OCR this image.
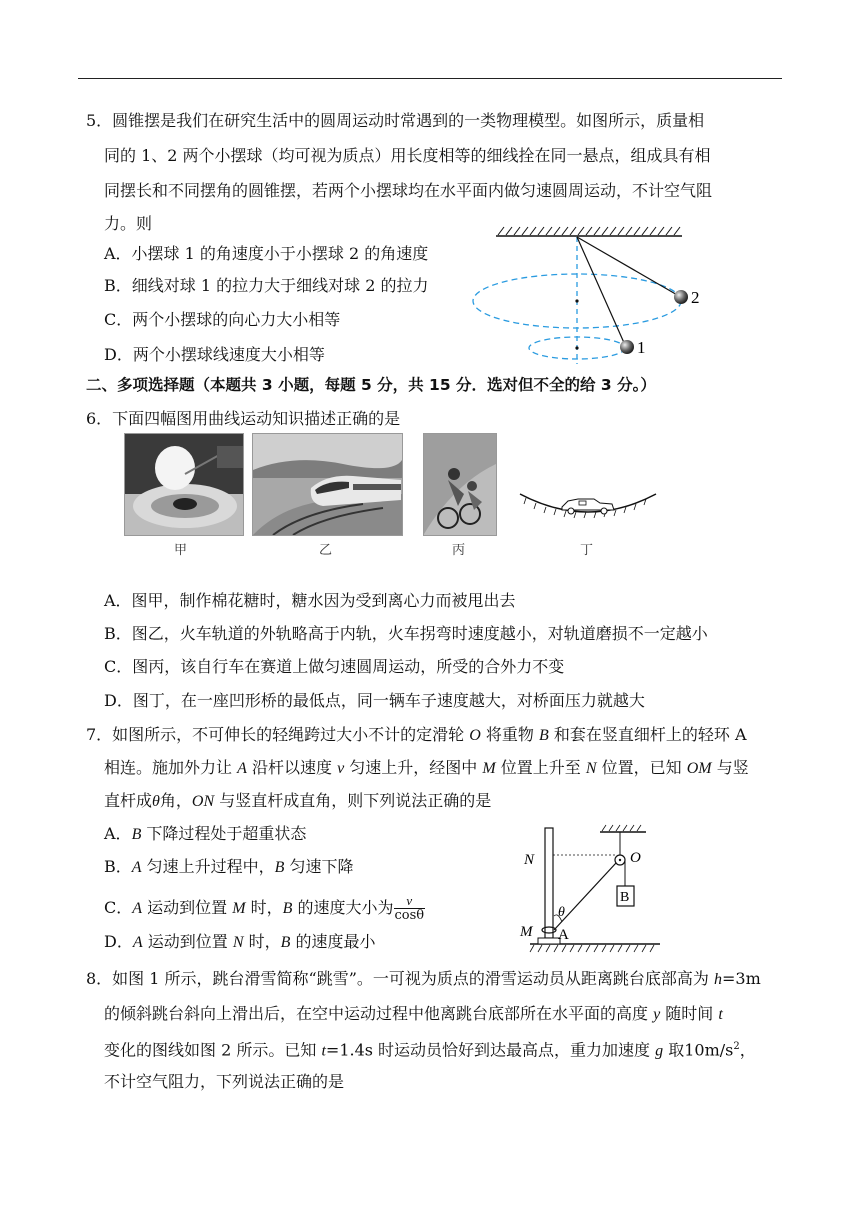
5．圆锥摆是我们在研究生活中的圆周运动时常遇到的一类物理模型。如图所示，质量相
同的 1、2 两个小摆球（均可视为质点）用长度相等的细线拴在同一悬点，组成具有相
同摆长和不同摆角的圆锥摆，若两个小摆球均在水平面内做匀速圆周运动，不计空气阻
力。则
A．小摆球 1 的角速度小于小摆球 2 的角速度
B．细线对球 1 的拉力大于细线对球 2 的拉力
C．两个小摆球的向心力大小相等
D．两个小摆球线速度大小相等
2
1
二、多项选择题（本题共 3 小题，每题 5 分，共 15 分．选对但不全的给 3 分。）
6．下面四幅图用曲线运动知识描述正确的是
甲	乙	丙	丁
A．图甲，制作棉花糖时，糖水因为受到离心力而被甩出去
B．图乙，火车轨道的外轨略高于内轨，火车拐弯时速度越小，对轨道磨损不一定越小
C．图丙，该自行车在赛道上做匀速圆周运动，所受的合外力不变
D．图丁，在一座凹形桥的最低点，同一辆车子速度越大，对桥面压力就越大
7．如图所示，不可伸长的轻绳跨过大小不计的定滑轮 O 将重物 B 和套在竖直细杆上的轻环 A
相连。施加外力让 A 沿杆以速度 v 匀速上升，经图中 M 位置上升至 N 位置，已知 OM 与竖
直杆成θ角，ON 与竖直杆成直角，则下列说法正确的是
A．B 下降过程处于超重状态
B．A 匀速上升过程中，B 匀速下降
C．A 运动到位置 M 时，B 的速度大小为 $\frac{v}{\cos\theta}$
D．A 运动到位置 N 时，B 的速度最小
N	O
θ
M A
B
8．如图 1 所示，跳台滑雪简称“跳雪”。一可视为质点的滑雪运动员从距离跳台底部高为 h=3m
的倾斜跳台斜向上滑出后，在空中运动过程中他离跳台底部所在水平面的高度 y 随时间 t
变化的图线如图 2 所示。已知 t=1.4s 时运动员恰好到达最高点，重力加速度 g 取$10m/s^2$，
不计空气阻力，下列说法正确的是
